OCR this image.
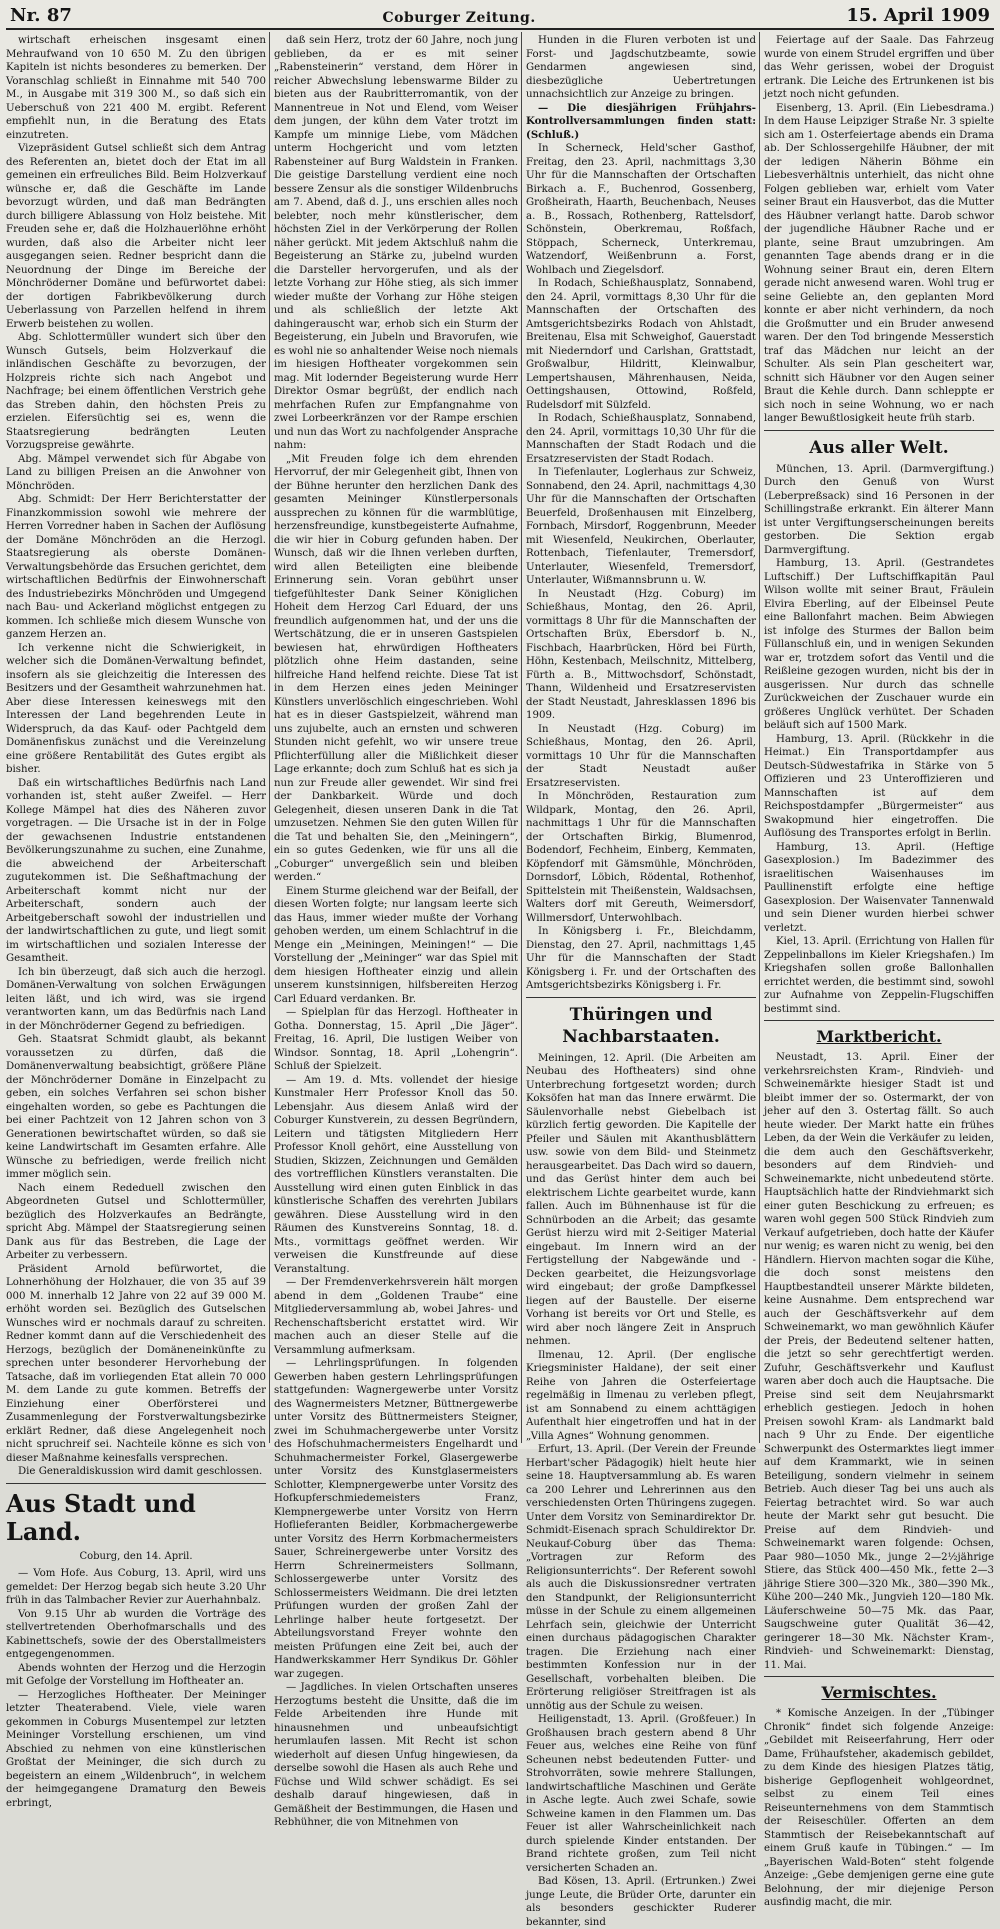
Nr. 87	Coburger Zeitung.	15. April 1909

wirtschaft erheischen insgesamt einen Mehraufwand von 10 650 M. Zu den übrigen Kapiteln ist nichts besonderes zu bemerken. Der Voranschlag schließt in Einnahme mit 540 700 M., in Ausgabe mit 319 300 M., so daß sich ein Ueberschuß von 221 400 M. ergibt. Referent empfiehlt nun, in die Beratung des Etats einzutreten.

Vizepräsident Gutsel schließt sich dem Antrag des Referenten an, bietet doch der Etat im all gemeinen ein erfreuliches Bild. Beim Holzverkauf wünsche er, daß die Geschäfte im Lande bevorzugt würden, und daß man Bedrängten durch billigere Ablassung von Holz beistehe. Mit Freuden sehe er, daß die Holzhauerlöhne erhöht wurden, daß also die Arbeiter nicht leer ausgegangen seien. Redner bespricht dann die Neuordnung der Dinge im Bereiche der Mönchröderner Domäne und befürwortet dabei: der dortigen Fabrikbevölkerung durch Ueberlassung von Parzellen helfend in ihrem Erwerb beistehen zu wollen.

Abg. Schlottermüller wundert sich über den Wunsch Gutsels, beim Holzverkauf die inländischen Geschäfte zu bevorzugen, der Holzpreis richte sich nach Angebot und Nachfrage; bei einem öffentlichen Verstrich gehe das Streben dahin, den höchsten Preis zu erzielen. Eifersüchtig sei es, wenn die Staatsregierung bedrängten Leuten Vorzugspreise gewährte.

Abg. Mämpel verwendet sich für Abgabe von Land zu billigen Preisen an die Anwohner von Mönchröden.

Abg. Schmidt: Der Herr Berichterstatter der Finanzkommission sowohl wie mehrere der Herren Vorredner haben in Sachen der Auflösung der Domäne Mönchröden an die Herzogl. Staatsregierung als oberste Domänen-Verwaltungsbehörde das Ersuchen gerichtet, dem wirtschaftlichen Bedürfnis der Einwohnerschaft des Industriebezirks Mönchröden und Umgegend nach Bau- und Ackerland möglichst entgegen zu kommen. Ich schließe mich diesem Wunsche von ganzem Herzen an.

Ich verkenne nicht die Schwierigkeit, in welcher sich die Domänen-Verwaltung befindet, insofern als sie gleichzeitig die Interessen des Besitzers und der Gesamtheit wahrzunehmen hat. Aber diese Interessen keineswegs mit den Interessen der Land begehrenden Leute in Widerspruch, da das Kauf- oder Pachtgeld dem Domänenfiskus zunächst und die Vereinzelung eine größere Rentabilität des Gutes ergibt als bisher.

Daß ein wirtschaftliches Bedürfnis nach Land vorhanden ist, steht außer Zweifel. — Herr Kollege Mämpel hat dies des Näheren zuvor vorgetragen. — Die Ursache ist in der in Folge der gewachsenen Industrie entstandenen Bevölkerungszunahme zu suchen, eine Zunahme, die abweichend der Arbeiterschaft zugutekommen ist. Die Seßhaftmachung der Arbeiterschaft kommt nicht nur der Arbeiterschaft, sondern auch der Arbeitgeberschaft sowohl der industriellen und der landwirtschaftlichen zu gute, und liegt somit im wirtschaftlichen und sozialen Interesse der Gesamtheit.

Ich bin überzeugt, daß sich auch die herzogl. Domänen-Verwaltung von solchen Erwägungen leiten läßt, und ich wird, was sie irgend verantworten kann, um das Bedürfnis nach Land in der Mönchröderner Gegend zu befriedigen.

Geh. Staatsrat Schmidt glaubt, als bekannt voraussetzen zu dürfen, daß die Domänenverwaltung beabsichtigt, größere Pläne der Mönchröderner Domäne in Einzelpacht zu geben, ein solches Verfahren sei schon bisher eingehalten worden, so gebe es Pachtungen die bei einer Pachtzeit von 12 Jahren schon von 3 Generationen bewirtschaftet würden, so daß sie keine Landwirtschaft im Gesamten erfahre. Alle Wünsche zu befriedigen, werde freilich nicht immer möglich sein.

Nach einem Rededuell zwischen den Abgeordneten Gutsel und Schlottermüller, bezüglich des Holzverkaufes an Bedrängte, spricht Abg. Mämpel der Staatsregierung seinen Dank aus für das Bestreben, die Lage der Arbeiter zu verbessern.

Präsident Arnold befürwortet, die Lohnerhöhung der Holzhauer, die von 35 auf 39 000 M. innerhalb 12 Jahre von 22 auf 39 000 M. erhöht worden sei. Bezüglich des Gutselschen Wunsches wird er nochmals darauf zu schreiten. Redner kommt dann auf die Verschiedenheit des Herzogs, bezüglich der Domäneneinkünfte zu sprechen unter besonderer Hervorhebung der Tatsache, daß im vorliegenden Etat allein 70 000 M. dem Lande zu gute kommen. Betreffs der Einziehung einer Oberförsterei und Zusammenlegung der Forstverwaltungsbezirke erklärt Redner, daß diese Angelegenheit noch nicht spruchreif sei. Nachteile könne es sich von dieser Maßnahme keinesfalls versprechen.

Die Generaldiskussion wird damit geschlossen.

Aus Stadt und Land.
Coburg, den 14. April.

— Vom Hofe. Aus Coburg, 13. April, wird uns gemeldet: Der Herzog begab sich heute 3.20 Uhr früh in das Talmbacher Revier zur Auerhahnbalz.

Von 9.15 Uhr ab wurden die Vorträge des stellvertretenden Oberhofmarschalls und des Kabinettschefs, sowie der des Oberstallmeisters entgegengenommen.

Abends wohnten der Herzog und die Herzogin mit Gefolge der Vorstellung im Hoftheater an.

— Herzogliches Hoftheater. Der Meininger letzter Theaterabend. Viele, viele waren gekommen in Coburgs Musentempel zur letzten Meininger Vorstellung erschienen, um vind Abschied zu nehmen von eine künstlerischen Großtat der Meininger, die sich durch zu begeistern an einem „Wildenbruch“, in welchem der heimgegangene Dramaturg den Beweis erbringt,

daß sein Herz, trotz der 60 Jahre, noch jung geblieben, da er es mit seiner „Rabensteinerin“ verstand, dem Hörer in reicher Abwechslung lebenswarme Bilder zu bieten aus der Raubritterromantik, von der Mannentreue in Not und Elend, vom Weiser dem jungen, der kühn dem Vater trotzt im Kampfe um minnige Liebe, vom Mädchen unterm Hochgericht und vom letzten Rabensteiner auf Burg Waldstein in Franken. Die geistige Darstellung verdient eine noch bessere Zensur als die sonstiger Wildenbruchs am 7. Abend, daß d. J., uns erschien alles noch belebter, noch mehr künstlerischer, dem höchsten Ziel in der Verkörperung der Rollen näher gerückt. Mit jedem Aktschluß nahm die Begeisterung an Stärke zu, jubelnd wurden die Darsteller hervorgerufen, und als der letzte Vorhang zur Höhe stieg, als sich immer wieder mußte der Vorhang zur Höhe steigen und als schließlich der letzte Akt dahingerauscht war, erhob sich ein Sturm der Begeisterung, ein Jubeln und Bravorufen, wie es wohl nie so anhaltender Weise noch niemals im hiesigen Hoftheater vorgekommen sein mag. Mit lodernder Begeisterung wurde Herr Direktor Osmar begrüßt, der endlich nach mehrfachen Rufen zur Empfangnahme von zwei Lorbeerkränzen vor der Rampe erschien und nun das Wort zu nachfolgender Ansprache nahm:

„Mit Freuden folge ich dem ehrenden Hervorruf, der mir Gelegenheit gibt, Ihnen von der Bühne herunter den herzlichen Dank des gesamten Meininger Künstlerpersonals aussprechen zu können für die warmblütige, herzensfreundige, kunstbegeisterte Aufnahme, die wir hier in Coburg gefunden haben. Der Wunsch, daß wir die Ihnen verleben durften, wird allen Beteiligten eine bleibende Erinnerung sein. Voran gebührt unser tiefgefühltester Dank Seiner Königlichen Hoheit dem Herzog Carl Eduard, der uns freundlich aufgenommen hat, und der uns die Wertschätzung, die er in unseren Gastspielen bewiesen hat, ehrwürdigen Hoftheaters plötzlich ohne Heim dastanden, seine hilfreiche Hand helfend reichte. Diese Tat ist in dem Herzen eines jeden Meininger Künstlers unverlöschlich eingeschrieben. Wohl hat es in dieser Gastspielzeit, während man uns zujubelte, auch an ernsten und schweren Stunden nicht gefehlt, wo wir unsere treue Pflichterfüllung aller die Mißlichkeit dieser Lage erkannte; doch zum Schluß hat es sich ja nun zur Freude aller gewendet. Wir sind frei der Dankbarkeit. Würde und doch Gelegenheit, diesen unseren Dank in die Tat umzusetzen. Nehmen Sie den guten Willen für die Tat und behalten Sie, den „Meiningern“, ein so gutes Gedenken, wie für uns all die „Coburger“ unvergeßlich sein und bleiben werden.“

Einem Sturme gleichend war der Beifall, der diesen Worten folgte; nur langsam leerte sich das Haus, immer wieder mußte der Vorhang gehoben werden, um einem Schlachtruf in die Menge ein „Meiningen, Meiningen!“ — Die Vorstellung der „Meininger“ war das Spiel mit dem hiesigen Hoftheater einzig und allein unserem kunstsinnigen, hilfsbereiten Herzog Carl Eduard verdanken. Br.

— Spielplan für das Herzogl. Hoftheater in Gotha. Donnerstag, 15. April „Die Jäger“. Freitag, 16. April, Die lustigen Weiber von Windsor. Sonntag, 18. April „Lohengrin“. Schluß der Spielzeit.

— Am 19. d. Mts. vollendet der hiesige Kunstmaler Herr Professor Knoll das 50. Lebensjahr. Aus diesem Anlaß wird der Coburger Kunstverein, zu dessen Begründern, Leitern und tätigsten Mitgliedern Herr Professor Knoll gehört, eine Ausstellung von Studien, Skizzen, Zeichnungen und Gemälden des vortrefflichen Künstlers veranstalten. Die Ausstellung wird einen guten Einblick in das künstlerische Schaffen des verehrten Jubilars gewähren. Diese Ausstellung wird in den Räumen des Kunstvereins Sonntag, 18. d. Mts., vormittags geöffnet werden. Wir verweisen die Kunstfreunde auf diese Veranstaltung.

— Der Fremdenverkehrsverein hält morgen abend in dem „Goldenen Traube“ eine Mitgliederversammlung ab, wobei Jahres- und Rechenschaftsbericht erstattet wird. Wir machen auch an dieser Stelle auf die Versammlung aufmerksam.

— Lehrlingsprüfungen. In folgenden Gewerben haben gestern Lehrlingsprüfungen stattgefunden: Wagnergewerbe unter Vorsitz des Wagnermeisters Metzner, Büttnergewerbe unter Vorsitz des Büttnermeisters Steigner, zwei im Schuhmachergewerbe unter Vorsitz des Hofschuhmachermeisters Engelhardt und Schuhmachermeister Forkel, Glasergewerbe unter Vorsitz des Kunstglasermeisters Schlotter, Klempnergewerbe unter Vorsitz des Hofkupferschmiedemeisters Franz, Klempnergewerbe unter Vorsitz von Herrn Hoflieferanten Beidler, Korbmachergewerbe unter Vorsitz des Herrn Korbmachermeisters Sauer, Schreinergewerbe unter Vorsitz des Herrn Schreinermeisters Sollmann, Schlossergewerbe unter Vorsitz des Schlossermeisters Weidmann. Die drei letzten Prüfungen wurden der großen Zahl der Lehrlinge halber heute fortgesetzt. Der Abteilungsvorstand Freyer wohnte den meisten Prüfungen eine Zeit bei, auch der Handwerkskammer Herr Syndikus Dr. Göhler war zugegen.

— Jagdliches. In vielen Ortschaften unseres Herzogtums besteht die Unsitte, daß die im Felde Arbeitenden ihre Hunde mit hinausnehmen und unbeaufsichtigt herumlaufen lassen. Mit Recht ist schon wiederholt auf diesen Unfug hingewiesen, da derselbe sowohl die Hasen als auch Rehe und Füchse und Wild schwer schädigt. Es sei deshalb darauf hingewiesen, daß in Gemäßheit der Bestimmungen, die Hasen und Rebhühner, die von Mitnehmen von

Hunden in die Fluren verboten ist und Forst- und Jagdschutzbeamte, sowie Gendarmen angewiesen sind, diesbezügliche Uebertretungen unnachsichtlich zur Anzeige zu bringen.

— Die diesjährigen Frühjahrs-Kontrollversammlungen finden statt: (Schluß.)

In Scherneck, Held'scher Gasthof, Freitag, den 23. April, nachmittags 3,30 Uhr für die Mannschaften der Ortschaften Birkach a. F., Buchenrod, Gossenberg, Großheirath, Haarth, Beuchenbach, Neuses a. B., Rossach, Rothenberg, Rattelsdorf, Schönstein, Oberkremau, Roßfach, Stöppach, Scherneck, Unterkremau, Watzendorf, Weißenbrunn a. Forst, Wohlbach und Ziegelsdorf.

In Rodach, Schießhausplatz, Sonnabend, den 24. April, vormittags 8,30 Uhr für die Mannschaften der Ortschaften des Amtsgerichtsbezirks Rodach von Ahlstadt, Breitenau, Elsa mit Schweighof, Gauerstadt mit Niederndorf und Carlshan, Grattstadt, Großwalbur, Hildritt, Kleinwalbur, Lempertshausen, Mährenhausen, Neida, Oettingshausen, Ottowind, Roßfeld, Rudelsdorf mit Sülzfeld.

In Rodach, Schießhausplatz, Sonnabend, den 24. April, vormittags 10,30 Uhr für die Mannschaften der Stadt Rodach und die Ersatzreservisten der Stadt Rodach.

In Tiefenlauter, Loglerhaus zur Schweiz, Sonnabend, den 24. April, nachmittags 4,30 Uhr für die Mannschaften der Ortschaften Beuerfeld, Droßenhausen mit Einzelberg, Fornbach, Mirsdorf, Roggenbrunn, Meeder mit Wiesenfeld, Neukirchen, Oberlauter, Rottenbach, Tiefenlauter, Tremersdorf, Unterlauter, Wiesenfeld, Tremersdorf, Unterlauter, Wißmannsbrunn u. W.

In Neustadt (Hzg. Coburg) im Schießhaus, Montag, den 26. April, vormittags 8 Uhr für die Mannschaften der Ortschaften Brüx, Ebersdorf b. N., Fischbach, Haarbrücken, Hörd bei Fürth, Höhn, Kestenbach, Meilschnitz, Mittelberg, Fürth a. B., Mittwochsdorf, Schönstadt, Thann, Wildenheid und Ersatzreservisten der Stadt Neustadt, Jahresklassen 1896 bis 1909.

In Neustadt (Hzg. Coburg) im Schießhaus, Montag, den 26. April, vormittags 10 Uhr für die Mannschaften der Stadt Neustadt außer Ersatzreservisten.

In Mönchröden, Restauration zum Wildpark, Montag, den 26. April, nachmittags 1 Uhr für die Mannschaften der Ortschaften Birkig, Blumenrod, Bodendorf, Fechheim, Einberg, Kemmaten, Köpfendorf mit Gämsmühle, Mönchröden, Dornsdorf, Löbich, Rödental, Rothenhof, Spittelstein mit Theißenstein, Waldsachsen, Walters dorf mit Gereuth, Weimersdorf, Willmersdorf, Unterwohlbach.

In Königsberg i. Fr., Bleichdamm, Dienstag, den 27. April, nachmittags 1,45 Uhr für die Mannschaften der Stadt Königsberg i. Fr. und der Ortschaften des Amtsgerichtsbezirks Königsberg i. Fr.

Thüringen und Nachbarstaaten.

Meiningen, 12. April. (Die Arbeiten am Neubau des Hoftheaters) sind ohne Unterbrechung fortgesetzt worden; durch Koksöfen hat man das Innere erwärmt. Die Säulenvorhalle nebst Giebelbach ist kürzlich fertig geworden. Die Kapitelle der Pfeiler und Säulen mit Akanthusblättern usw. sowie von dem Bild- und Steinmetz herausgearbeitet. Das Dach wird so dauern, und das Gerüst hinter dem auch bei elektrischem Lichte gearbeitet wurde, kann fallen. Auch im Bühnenhause ist für die Schnürboden an die Arbeit; das gesamte Gerüst hierzu wird mit 2-Seitiger Material eingebaut. Im Innern wird an der Fertigstellung der Nabgewände und -Decken gearbeitet, die Heizungsvorlage wird eingebaut; der große Dampfkessel liegen auf der Baustelle. Der eiserne Vorhang ist bereits vor Ort und Stelle, es wird aber noch längere Zeit in Anspruch nehmen.

Ilmenau, 12. April. (Der englische Kriegsminister Haldane), der seit einer Reihe von Jahren die Osterfeiertage regelmäßig in Ilmenau zu verleben pflegt, ist am Sonnabend zu einem achttägigen Aufenthalt hier eingetroffen und hat in der „Villa Agnes“ Wohnung genommen.

Erfurt, 13. April. (Der Verein der Freunde Herbart'scher Pädagogik) hielt heute hier seine 18. Hauptversammlung ab. Es waren ca 200 Lehrer und Lehrerinnen aus den verschiedensten Orten Thüringens zugegen. Unter dem Vorsitz von Seminardirektor Dr. Schmidt-Eisenach sprach Schuldirektor Dr. Neukauf-Coburg über das Thema: „Vortragen zur Reform des Religionsunterrichts“. Der Referent sowohl als auch die Diskussionsredner vertraten den Standpunkt, der Religionsunterricht müsse in der Schule zu einem allgemeinen Lehrfach sein, gleichwie der Unterricht einen durchaus pädagogischen Charakter tragen. Die Erziehung nach einer bestimmten Konfession nur in der Gesellschaft, vorbehalten bleiben. Die Erörterung religiöser Streitfragen ist als unnötig aus der Schule zu weisen.

Heiligenstadt, 13. April. (Großfeuer.) In Großhausen brach gestern abend 8 Uhr Feuer aus, welches eine Reihe von fünf Scheunen nebst bedeutenden Futter- und Strohvorräten, sowie mehrere Stallungen, landwirtschaftliche Maschinen und Geräte in Asche legte. Auch zwei Schafe, sowie Schweine kamen in den Flammen um. Das Feuer ist aller Wahrscheinlichkeit nach durch spielende Kinder entstanden. Der Brand richtete großen, zum Teil nicht versicherten Schaden an.

Bad Kösen, 13. April. (Ertrunken.) Zwei junge Leute, die Brüder Orte, darunter ein als besonders geschickter Ruderer bekannter, sind

Feiertage auf der Saale. Das Fahrzeug wurde von einem Strudel ergriffen und über das Wehr gerissen, wobei der Droguist ertrank. Die Leiche des Ertrunkenen ist bis jetzt noch nicht gefunden.

Eisenberg, 13. April. (Ein Liebesdrama.) In dem Hause Leipziger Straße Nr. 3 spielte sich am 1. Osterfeiertage abends ein Drama ab. Der Schlossergehilfe Häubner, der mit der ledigen Näherin Böhme ein Liebesverhältnis unterhielt, das nicht ohne Folgen geblieben war, erhielt vom Vater seiner Braut ein Hausverbot, das die Mutter des Häubner verlangt hatte. Darob schwor der jugendliche Häubner Rache und er plante, seine Braut umzubringen. Am genannten Tage abends drang er in die Wohnung seiner Braut ein, deren Eltern gerade nicht anwesend waren. Wohl trug er seine Geliebte an, den geplanten Mord konnte er aber nicht verhindern, da noch die Großmutter und ein Bruder anwesend waren. Der den Tod bringende Messerstich traf das Mädchen nur leicht an der Schulter. Als sein Plan gescheitert war, schnitt sich Häubner vor den Augen seiner Braut die Kehle durch. Dann schleppte er sich noch in seine Wohnung, wo er nach langer Bewußtlosigkeit heute früh starb.

Aus aller Welt.

München, 13. April. (Darmvergiftung.) Durch den Genuß von Wurst (Leberpreßsack) sind 16 Personen in der Schillingstraße erkrankt. Ein älterer Mann ist unter Vergiftungserscheinungen bereits gestorben. Die Sektion ergab Darmvergiftung.

Hamburg, 13. April. (Gestrandetes Luftschiff.) Der Luftschiffkapitän Paul Wilson wollte mit seiner Braut, Fräulein Elvira Eberling, auf der Elbeinsel Peute eine Ballonfahrt machen. Beim Abwiegen ist infolge des Sturmes der Ballon beim Füllanschluß ein, und in wenigen Sekunden war er, trotzdem sofort das Ventil und die Reißleine gezogen wurden, nicht bis der in ausgerissen. Nur durch das schnelle Zurückweichen der Zuschauer wurde ein größeres Unglück verhütet. Der Schaden beläuft sich auf 1500 Mark.

Hamburg, 13. April. (Rückkehr in die Heimat.) Ein Transportdampfer aus Deutsch-Südwestafrika in Stärke von 5 Offizieren und 23 Unteroffizieren und Mannschaften ist auf dem Reichspostdampfer „Bürgermeister“ aus Swakopmund hier eingetroffen. Die Auflösung des Transportes erfolgt in Berlin.

Hamburg, 13. April. (Heftige Gasexplosion.) Im Badezimmer des israelitischen Waisenhauses im Paullinenstift erfolgte eine heftige Gasexplosion. Der Waisenvater Tannenwald und sein Diener wurden hierbei schwer verletzt.

Kiel, 13. April. (Errichtung von Hallen für Zeppelinballons im Kieler Kriegshafen.) Im Kriegshafen sollen große Ballonhallen errichtet werden, die bestimmt sind, sowohl zur Aufnahme von Zeppelin-Flugschiffen bestimmt sind.

Marktbericht.

Neustadt, 13. April. Einer der verkehrsreichsten Kram-, Rindvieh- und Schweinemärkte hiesiger Stadt ist und bleibt immer der so. Ostermarkt, der von jeher auf den 3. Ostertag fällt. So auch heute wieder. Der Markt hatte ein frühes Leben, da der Wein die Verkäufer zu leiden, die dem auch den Geschäftsverkehr, besonders auf dem Rindvieh- und Schweinemarkte, nicht unbedeutend störte. Hauptsächlich hatte der Rindviehmarkt sich einer guten Beschickung zu erfreuen; es waren wohl gegen 500 Stück Rindvieh zum Verkauf aufgetrieben, doch hatte der Käufer nur wenig; es waren nicht zu wenig, bei den Händlern. Hiervon machten sogar die Kühe, die doch sonst meistens den Hauptbestandteil unserer Märkte bildeten, keine Ausnahme. Dem entsprechend war auch der Geschäftsverkehr auf dem Schweinemarkt, wo man gewöhnlich Käufer der Preis, der Bedeutend seltener hatten, die jetzt so sehr gerechtfertigt werden. Zufuhr, Geschäftsverkehr und Kauflust waren aber doch auch die Hauptsache. Die Preise sind seit dem Neujahrsmarkt erheblich gestiegen. Jedoch in hohen Preisen sowohl Kram- als Landmarkt bald nach 9 Uhr zu Ende. Der eigentliche Schwerpunkt des Ostermarktes liegt immer auf dem Krammarkt, wie in seinen Beteiligung, sondern vielmehr in seinem Betrieb. Auch dieser Tag bei uns auch als Feiertag betrachtet wird. So war auch heute der Markt sehr gut besucht. Die Preise auf dem Rindvieh- und Schweinemarkt waren folgende: Ochsen, Paar 980—1050 Mk., junge 2—2½jährige Stiere, das Stück 400—450 Mk., fette 2—3 jährige Stiere 300—320 Mk., 380—390 Mk., Kühe 200—240 Mk., Jungvieh 120—180 Mk. Läuferschweine 50—75 Mk. das Paar, Saugschweine guter Qualität 36—42, geringerer 18—30 Mk. Nächster Kram-, Rindvieh- und Schweinemarkt: Dienstag, 11. Mai.

Vermischtes.

* Komische Anzeigen. In der „Tübinger Chronik“ findet sich folgende Anzeige: „Gebildet mit Reiseerfahrung, Herr oder Dame, Frühaufsteher, akademisch gebildet, zu dem Kinde des hiesigen Platzes tätig, bisherige Gepflogenheit wohlgeordnet, selbst zu einem Teil eines Reiseunternehmens von dem Stammtisch der Reiseschüler. Offerten an dem Stammtisch der Reisebekanntschaft auf einem Gruß kaufe in Tübingen.“ — Im „Bayerischen Wald-Boten“ steht folgende Anzeige: „Gebe demjenigen gerne eine gute Belohnung, der mir diejenige Person ausfindig macht, die mir.
